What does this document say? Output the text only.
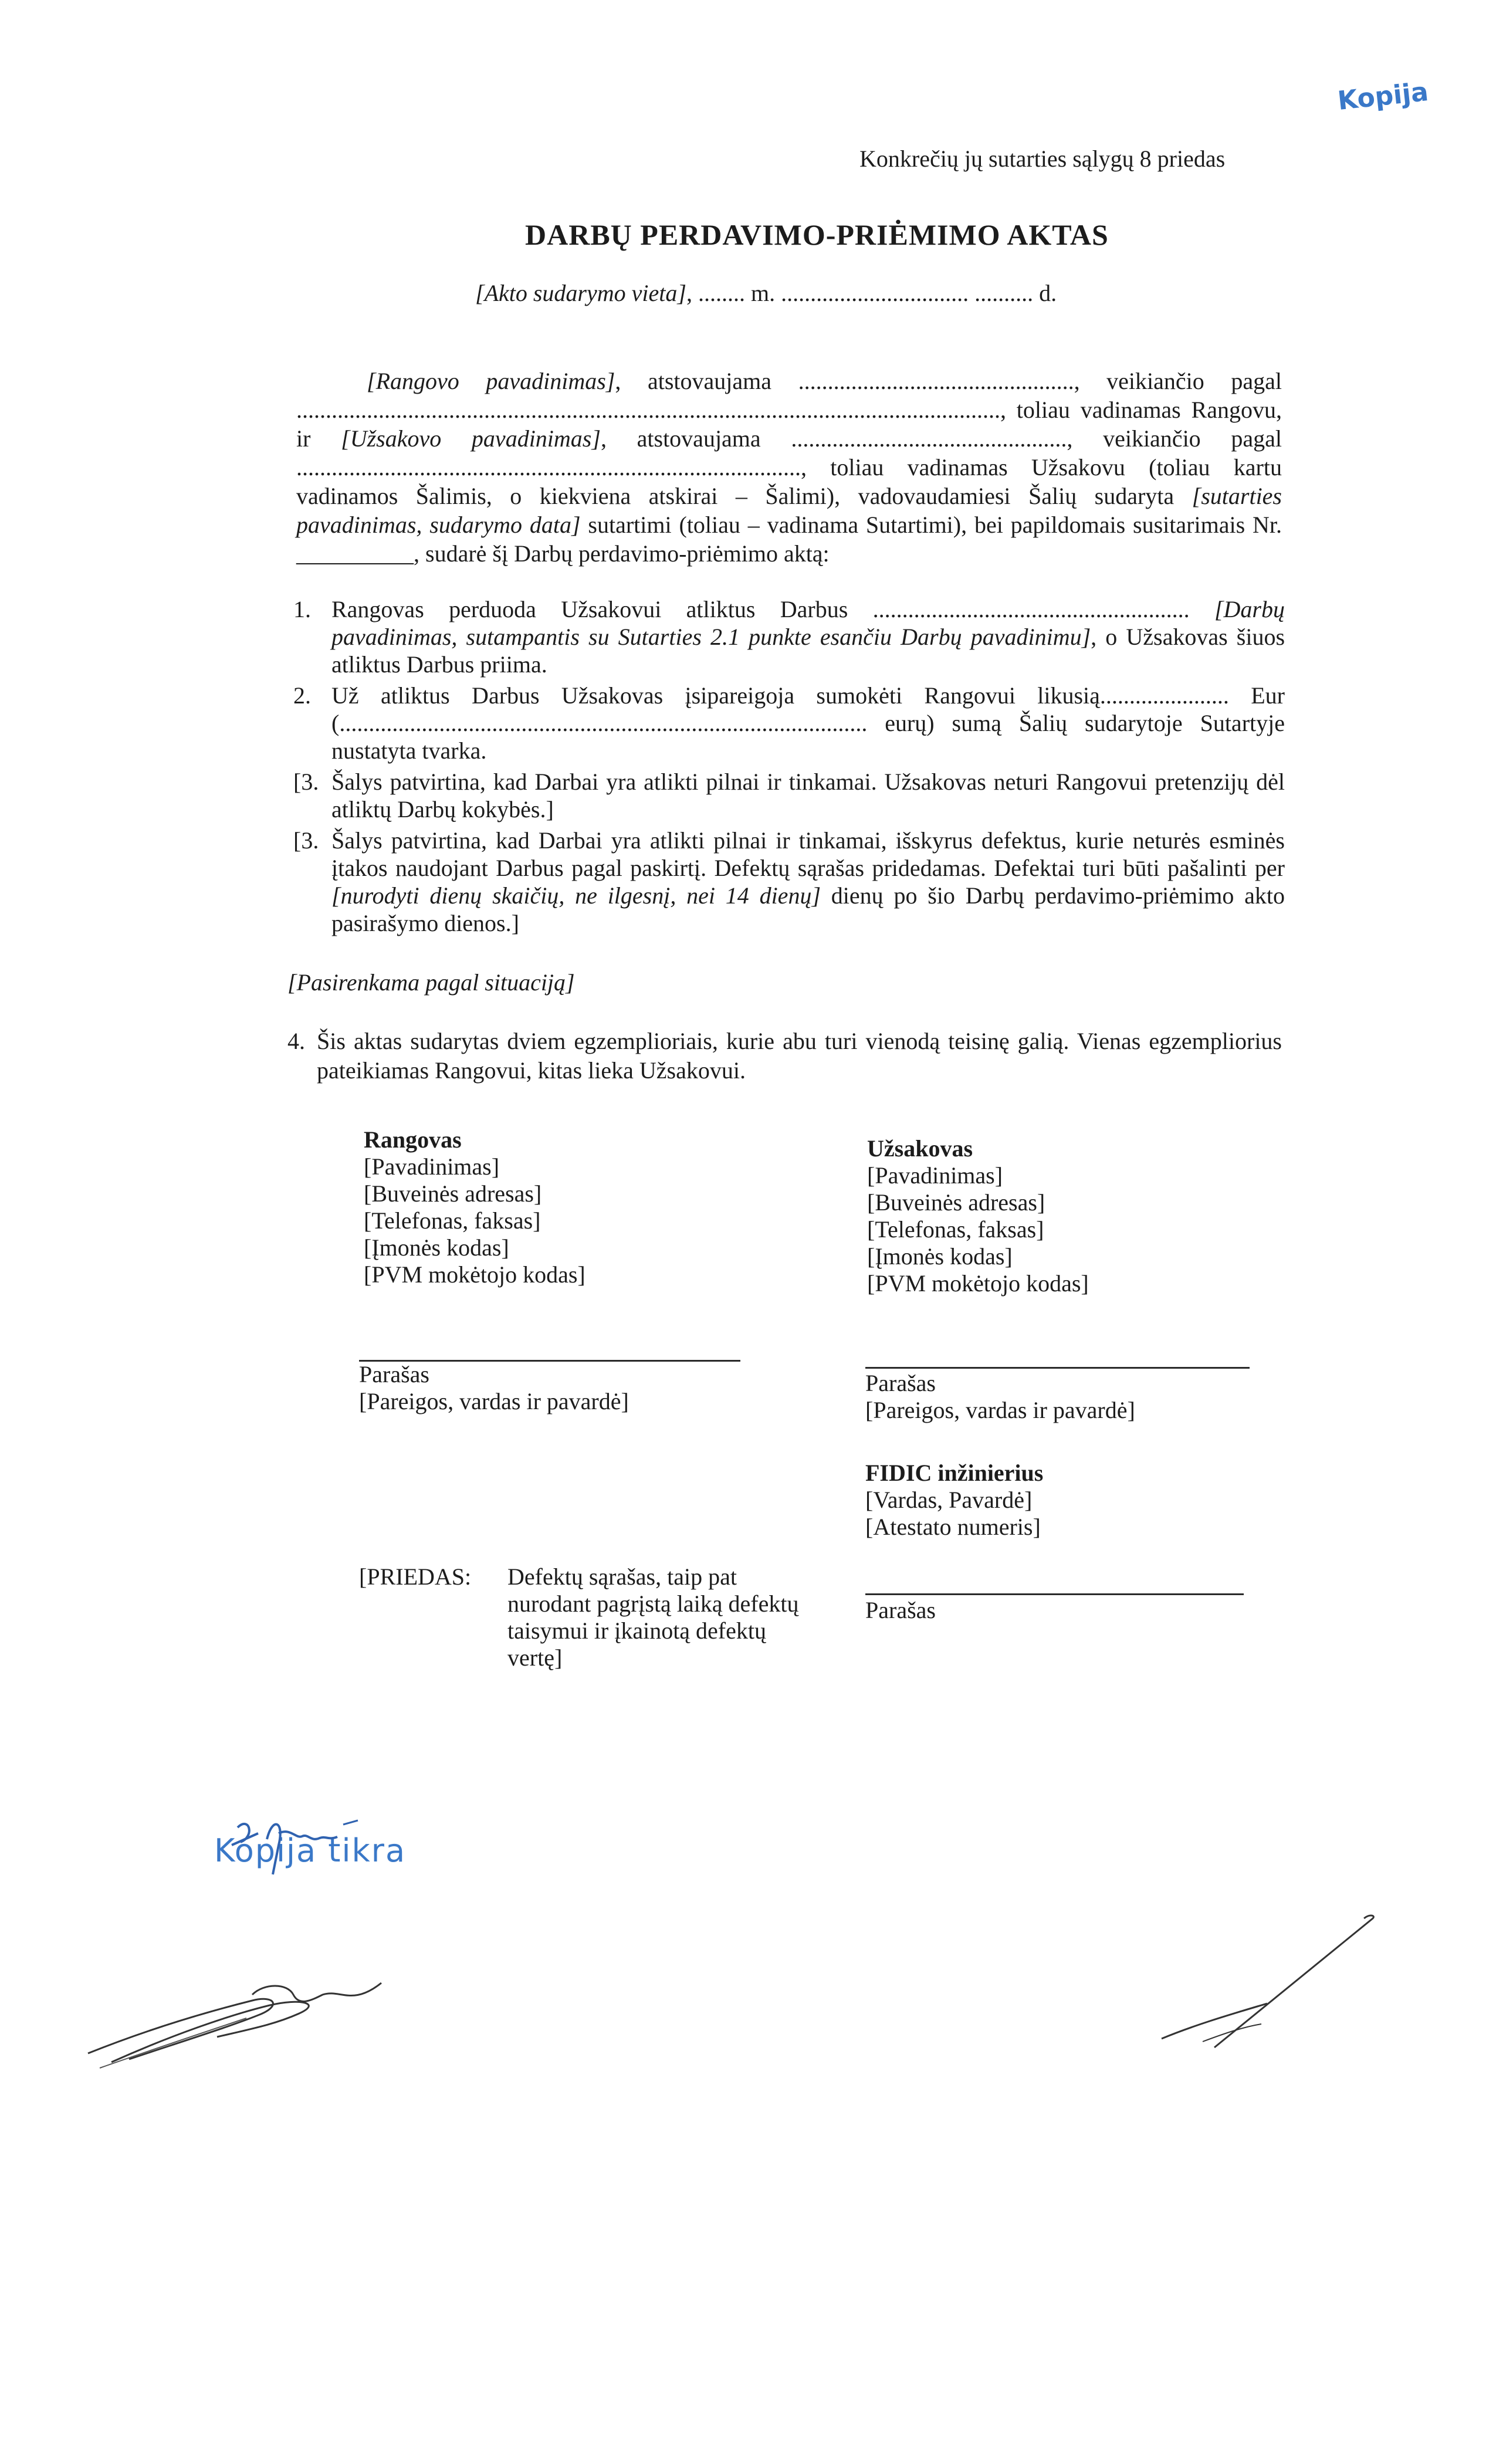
Kopija
Konkrečių jų sutarties sąlygų 8 priedas
DARBŲ PERDAVIMO-PRIĖMIMO AKTAS
[Akto sudarymo vieta], ........ m. ................................ .......... d.
[Rangovo pavadinimas], atstovaujama ..............................................., veikiančio pagal ........................................................................................................................, toliau vadinamas Rangovu, ir [Užsakovo pavadinimas], atstovaujama ..............................................., veikiančio pagal ......................................................................................, toliau vadinamas Užsakovu (toliau kartu vadinamos Šalimis, o kiekviena atskirai – Šalimi), vadovaudamiesi Šalių sudaryta [sutarties pavadinimas, sudarymo data] sutartimi (toliau – vadinama Sutartimi), bei papildomais susitarimais Nr. __________, sudarė šį Darbų perdavimo-priėmimo aktą:
1. Rangovas perduoda Užsakovui atliktus Darbus ...................................................... [Darbų pavadinimas, sutampantis su Sutarties 2.1 punkte esančiu Darbų pavadinimu], o Užsakovas šiuos atliktus Darbus priima.
2. Už atliktus Darbus Užsakovas įsipareigoja sumokėti Rangovui likusią...................... Eur (.......................................................................................... eurų) sumą Šalių sudarytoje Sutartyje nustatyta tvarka.
[3. Šalys patvirtina, kad Darbai yra atlikti pilnai ir tinkamai. Užsakovas neturi Rangovui pretenzijų dėl atliktų Darbų kokybės.]
[3. Šalys patvirtina, kad Darbai yra atlikti pilnai ir tinkamai, išskyrus defektus, kurie neturės esminės įtakos naudojant Darbus pagal paskirtį. Defektų sąrašas pridedamas. Defektai turi būti pašalinti per [nurodyti dienų skaičių, ne ilgesnį, nei 14 dienų] dienų po šio Darbų perdavimo-priėmimo akto pasirašymo dienos.]
[Pasirenkama pagal situaciją]
4. Šis aktas sudarytas dviem egzemplioriais, kurie abu turi vienodą teisinę galią. Vienas egzempliorius pateikiamas Rangovui, kitas lieka Užsakovui.
Rangovas
[Pavadinimas]
[Buveinės adresas]
[Telefonas, faksas]
[Įmonės kodas]
[PVM mokėtojo kodas]
Parašas
[Pareigos, vardas ir pavardė]
Užsakovas
[Pavadinimas]
[Buveinės adresas]
[Telefonas, faksas]
[Įmonės kodas]
[PVM mokėtojo kodas]
Parašas
[Pareigos, vardas ir pavardė]
FIDIC inžinierius
[Vardas, Pavardė]
[Atestato numeris]
Parašas
[PRIEDAS: Defektų sąrašas, taip pat
nurodant pagrįstą laiką defektų
taisymui ir įkainotą defektų
vertę]
Kopija tikra
